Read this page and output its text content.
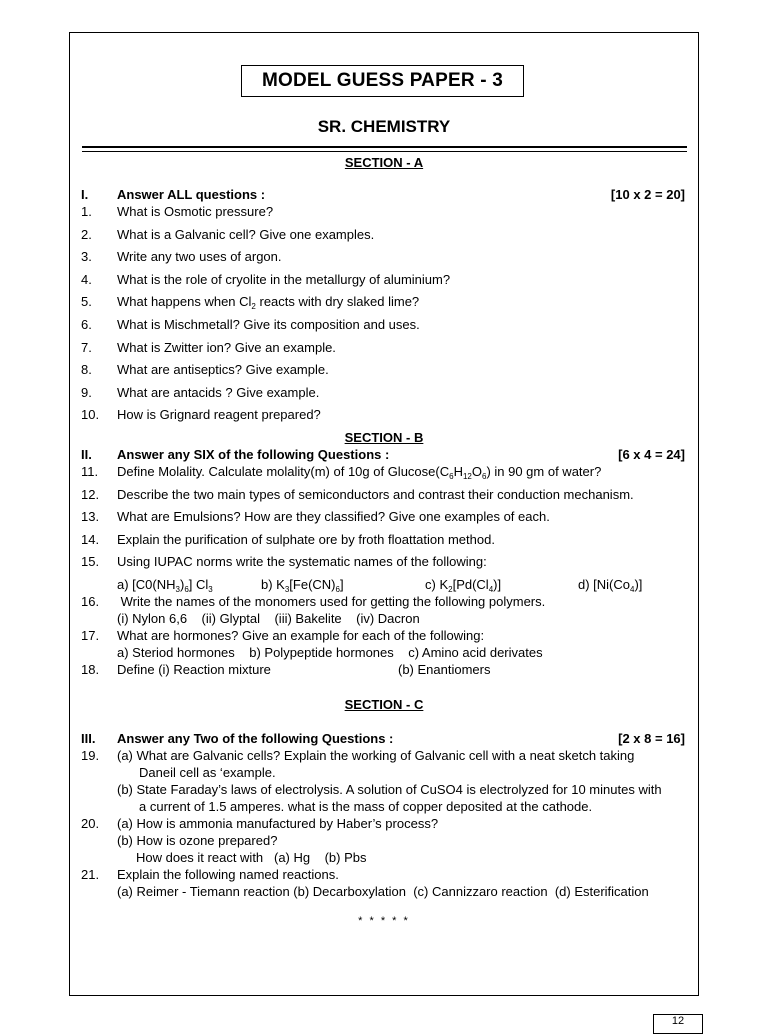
MODEL GUESS PAPER - 3
SR. CHEMISTRY
SECTION - A
I. Answer ALL questions :	[10 x 2 = 20]
1. What is Osmotic pressure?
2. What is a Galvanic cell? Give one examples.
3. Write any two uses of argon.
4. What is the role of cryolite in the metallurgy of aluminium?
5. What happens when $Cl_2$ reacts with dry slaked lime?
6. What is Mischmetall? Give its composition and uses.
7. What is Zwitter ion? Give an example.
8. What are antiseptics? Give example.
9. What are antacids ? Give example.
10. How is Grignard reagent prepared?
SECTION - B
II. Answer any SIX of the following Questions :	[6 x 4 = 24]
11. Define Molality. Calculate molality(m) of 10g of $Glucose(C_6H_{12}O_6)$ in 90 gm of water?
12. Describe the two main types of semiconductors and contrast their conduction mechanism.
13. What are Emulsions? How are they classified? Give one examples of each.
14. Explain the purification of sulphate ore by froth floattation method.
15. Using IUPAC norms write the systematic names of the following:
a) $[C0(NH_3)_6]$ $Cl_3$	b) $K_3[Fe(CN)_6]$	c) $K_2[Pd(Cl_4)]$	d) $[Ni(Co_4)]$
16. Write the names of the monomers used for getting the following polymers.
(i) Nylon 6,6    (ii) Glyptal    (iii) Bakelite    (iv) Dacron
17. What are hormones? Give an example for each of the following:
a) Steriod hormones    b) Polypeptide hormones    c) Amino acid derivates
18. Define (i) Reaction mixture	(b) Enantiomers
SECTION - C
III. Answer any Two of the following Questions :	[2 x 8 = 16]
19. (a) What are Galvanic cells? Explain the working of Galvanic cell with a neat sketch taking
Daneil cell as ‘example.
(b) State Faraday’s laws of electrolysis. A solution of CuSO4 is electrolyzed for 10 minutes with
a current of 1.5 amperes. what is the mass of copper deposited at the cathode.
20. (a) How is ammonia manufactured by Haber’s process?
(b) How is ozone prepared?
How does it react with   (a) Hg    (b) Pbs
21. Explain the following named reactions.
(a) Reimer - Tiemann reaction (b) Decarboxylation  (c) Cannizzaro reaction  (d) Esterification
* * * * *
12
